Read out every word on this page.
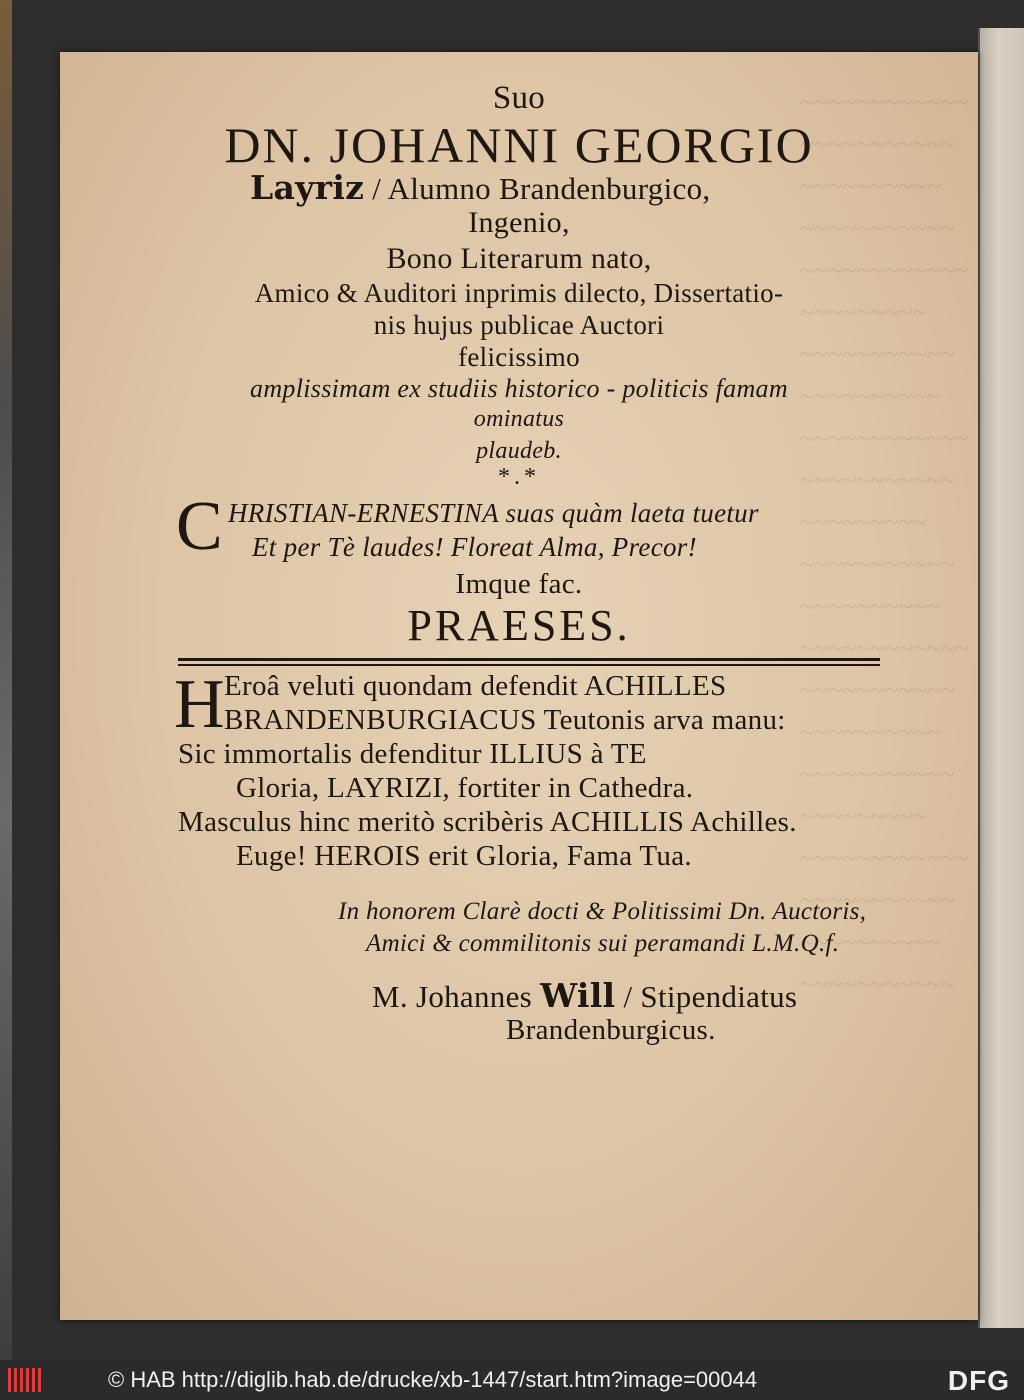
~~~~~~~~~~~~
~~~~~~~~~~~
~~~~~~~~~~
~~~~~~~~~~~
~~~~~~~~~~~~
~~~~~~~~~
~~~~~~~~~~~
~~~~~~~~~~
~~~~~~~~~~~~
~~~~~~~~~~~
~~~~~~~~~
~~~~~~~~~~~
~~~~~~~~~~
~~~~~~~~~~~~
~~~~~~~~~~~
~~~~~~~~~~
~~~~~~~~~~~
~~~~~~~~~
~~~~~~~~~~~~
~~~~~~~~~~~
~~~~~~~~~~
~~~~~~~~~~~
Suo
DN. JOHANNI GEORGIO
Layriz / Alumno Brandenburgico,
Ingenio,
Bono Literarum nato,
Amico & Auditori inprimis dilecto, Dissertatio-
nis hujus publicae Auctori
felicissimo
amplissimam ex studiis historico - politicis famam
ominatus
plaudeb.
*.*
C HRISTIAN-ERNESTINA suas quàm laeta tuetur
Et per Tè laudes! Floreat Alma, Precor!
Imque fac.
PRAESES.
H Eroâ veluti quondam defendit ACHILLES
BRANDENBURGIACUS Teutonis arva manu:
Sic immortalis defenditur ILLIUS à TE
Gloria, LAYRIZI, fortiter in Cathedra.
Masculus hinc meritò scribèris ACHILLIS Achilles.
Euge! HEROIS erit Gloria, Fama Tua.
In honorem Clarè docti & Politissimi Dn. Auctoris,
Amici & commilitonis sui peramandi L.M.Q.f.
M. Johannes Will / Stipendiatus
Brandenburgicus.
© HAB http://diglib.hab.de/drucke/xb-1447/start.htm?image=00044	DFG
